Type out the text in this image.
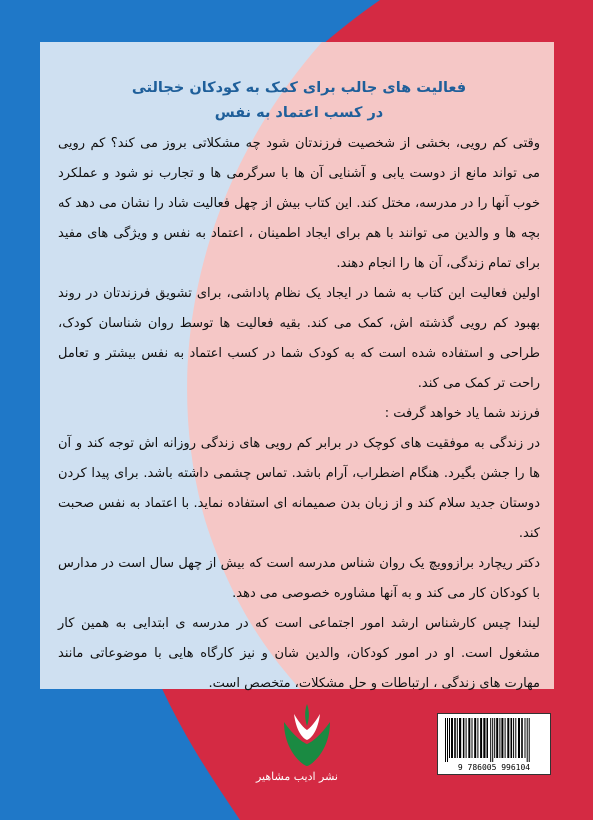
فعالیت های جالب برای کمک به کودکان خجالتی
در کسب اعتماد به نفس

وقتی کم رویی، بخشی از شخصیت فرزندتان شود چه مشکلاتی بروز می کند؟ کم رویی می تواند مانع از دوست یابی و آشنایی آن ها با سرگرمی ها و تجارب نو شود و عملکرد خوب آنها را در مدرسه، مختل کند. این کتاب بیش از چهل فعالیت شاد را نشان می دهد که بچه ها و والدین می توانند با هم برای ایجاد اطمینان ، اعتماد به نفس و ویژگی های مفید برای تمام زندگی، آن ها را انجام دهند.

اولین فعالیت این کتاب به شما در ایجاد یک نظام پاداشی، برای تشویق فرزندتان در روند بهبود کم رویی گذشته اش، کمک می کند. بقیه فعالیت ها توسط روان شناسان کودک، طراحی و استفاده شده است که به کودک شما در کسب اعتماد به نفس بیشتر و تعامل راحت تر کمک می کند.

فرزند شما یاد خواهد گرفت :

در زندگی به موفقیت های کوچک در برابر کم رویی های زندگی روزانه اش توجه کند و آن ها را جشن بگیرد. هنگام اضطراب، آرام باشد. تماس چشمی داشته باشد. برای پیدا کردن دوستان جدید سلام کند و از زبان بدن صمیمانه ای استفاده نماید. با اعتماد به نفس صحبت کند.

دکتر ریچارد برازوویچ یک روان شناس مدرسه است که بیش از چهل سال است در مدارس با کودکان کار می کند و به آنها مشاوره خصوصی می دهد.

لیندا چیس کارشناس ارشد امور اجتماعی است که در مدرسه ی ابتدایی به همین کار مشغول است. او در امور کودکان، والدین شان و نیز کارگاه هایی با موضوعاتی مانند مهارت های زندگی ، ارتباطات و حل مشکلات، متخصص است.

نشر ادیب مشاهیر
9 786005 996104
